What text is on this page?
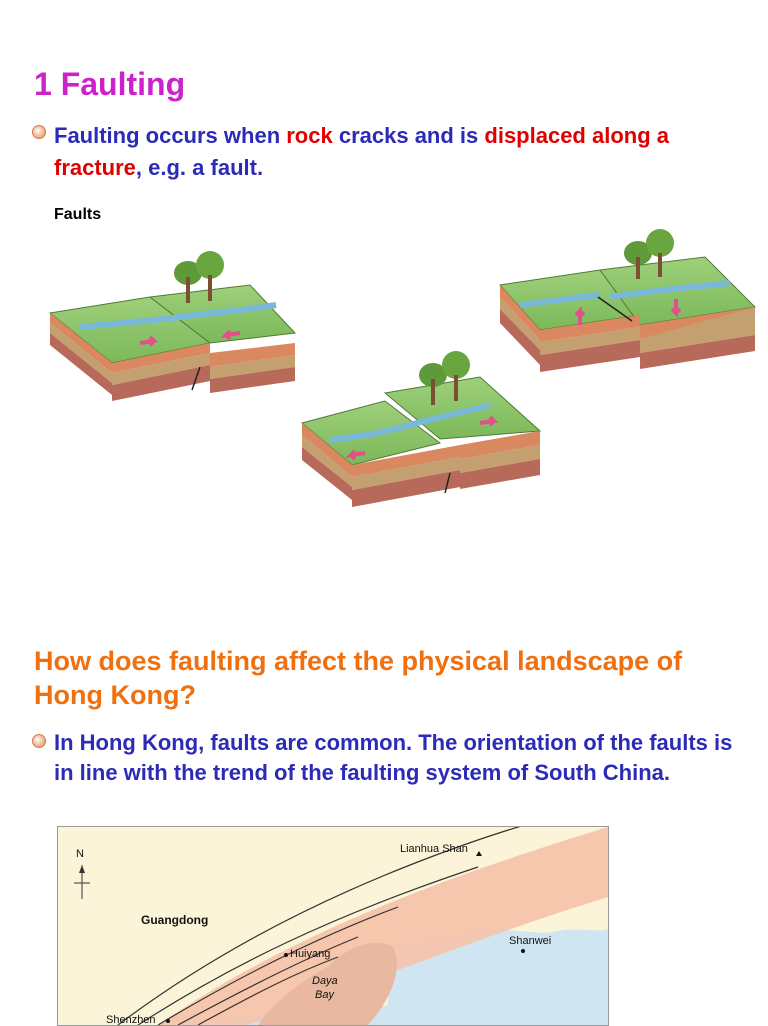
1 Faulting
Faulting occurs when rock cracks and is displaced along a fracture, e.g. a fault.
Faults
How does faulting affect the physical landscape of Hong Kong?
In Hong Kong, faults are common. The orientation of the faults is in line with the trend of the faulting system of South China.
N	Lianhua Shan
Guangdong
Shanwei
Huiyang
Daya
Bay
Shenzhen
